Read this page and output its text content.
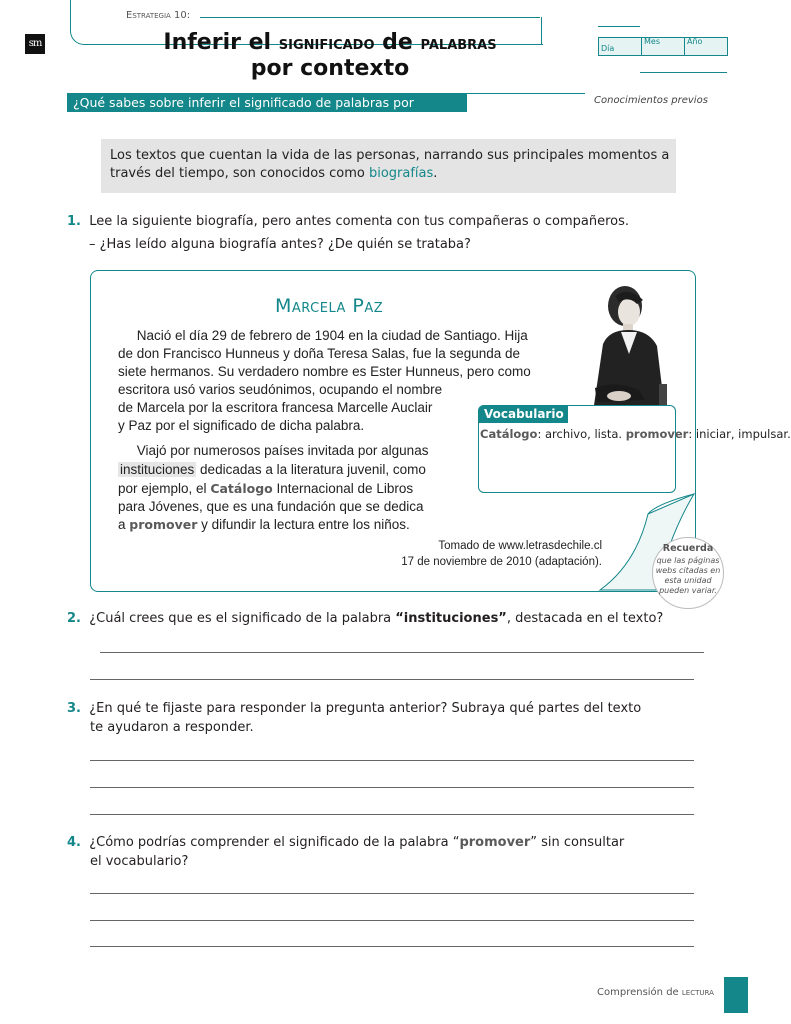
sm
Estrategia 10:
Inferir el significado de palabras
por contexto
Día
Mes	Año
¿Qué sabes sobre inferir el significado de palabras por contexto?
Conocimientos previos
Los textos que cuentan la vida de las personas, narrando sus principales momentos a través del tiempo, son conocidos como biografías.
1. Lee la siguiente biografía, pero antes comenta con tus compañeras o compañeros.
– ¿Has leído alguna biografía antes? ¿De quién se trataba?
Marcela Paz
Nació el día 29 de febrero de 1904 en la ciudad de Santiago. Hija
de don Francisco Hunneus y doña Teresa Salas, fue la segunda de
siete hermanos. Su verdadero nombre es Ester Hunneus, pero como
escritora usó varios seudónimos, ocupando el nombre
de Marcela por la escritora francesa Marcelle Auclair
y Paz por el significado de dicha palabra.
Viajó por numerosos países invitada por algunas
instituciones dedicadas a la literatura juvenil, como
por ejemplo, el Catálogo Internacional de Libros
para Jóvenes, que es una fundación que se dedica
a promover y difundir la lectura entre los niños.
Tomado de www.letrasdechile.cl
17 de noviembre de 2010 (adaptación).
Vocabulario
Catálogo: archivo, lista. promover: iniciar, impulsar.
Recuerda
que las páginas webs citadas en esta unidad pueden variar.
2. ¿Cuál crees que es el significado de la palabra “instituciones”, destacada en el texto?
3. ¿En qué te fijaste para responder la pregunta anterior? Subraya qué partes del texto
te ayudaron a responder.
4. ¿Cómo podrías comprender el significado de la palabra “promover” sin consultar
el vocabulario?
Comprensión de lectura
